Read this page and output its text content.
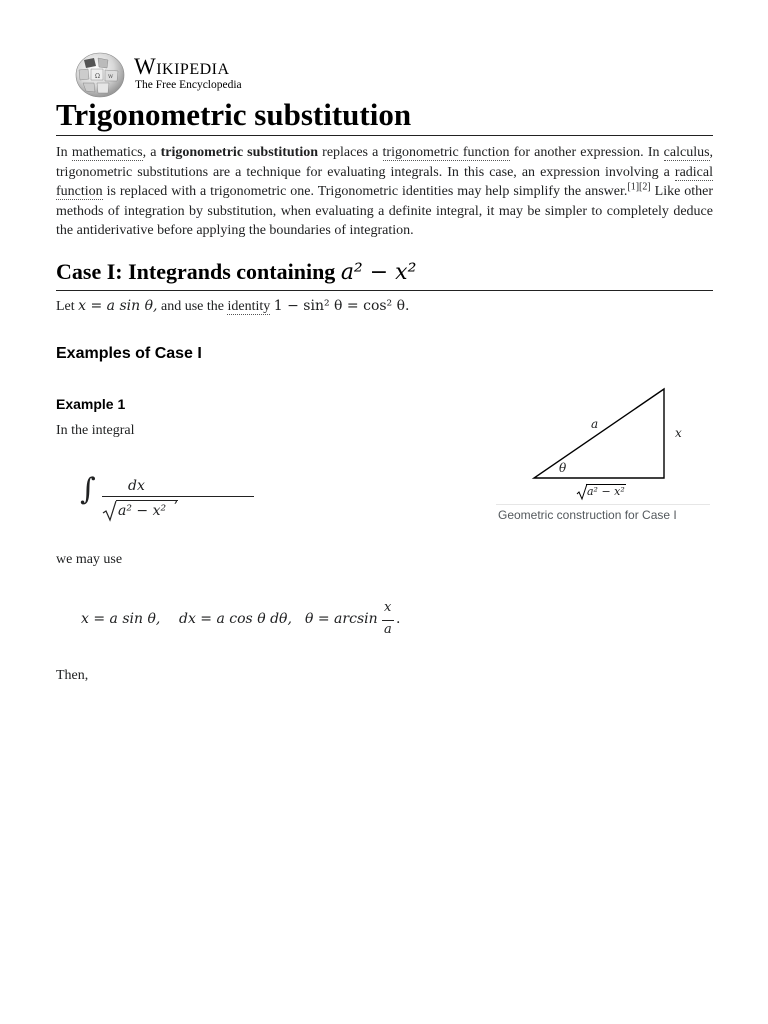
Ω W Wikipedia
The Free Encyclopedia
Trigonometric substitution

In mathematics, a trigonometric substitution replaces a trigonometric function for another expression. In calculus, trigonometric substitutions are a technique for evaluating integrals. In this case, an expression involving a radical function is replaced with a trigonometric one. Trigonometric identities may help simplify the answer.[1][2] Like other methods of integration by substitution, when evaluating a definite integral, it may be simpler to completely deduce the antiderivative before applying the boundaries of integration.

Case I: Integrands containing a² − x²

Let x = a sin θ, and use the identity 1 − sin² θ = cos² θ.

Examples of Case I
Example 1

In the integral

∫ dx
a² − x²
,

we may use

x = a sin θ, dx = a cos θ dθ, θ = arcsin
x
a
.

Then,

a
x
θ
a² − x²
Geometric construction for Case I
